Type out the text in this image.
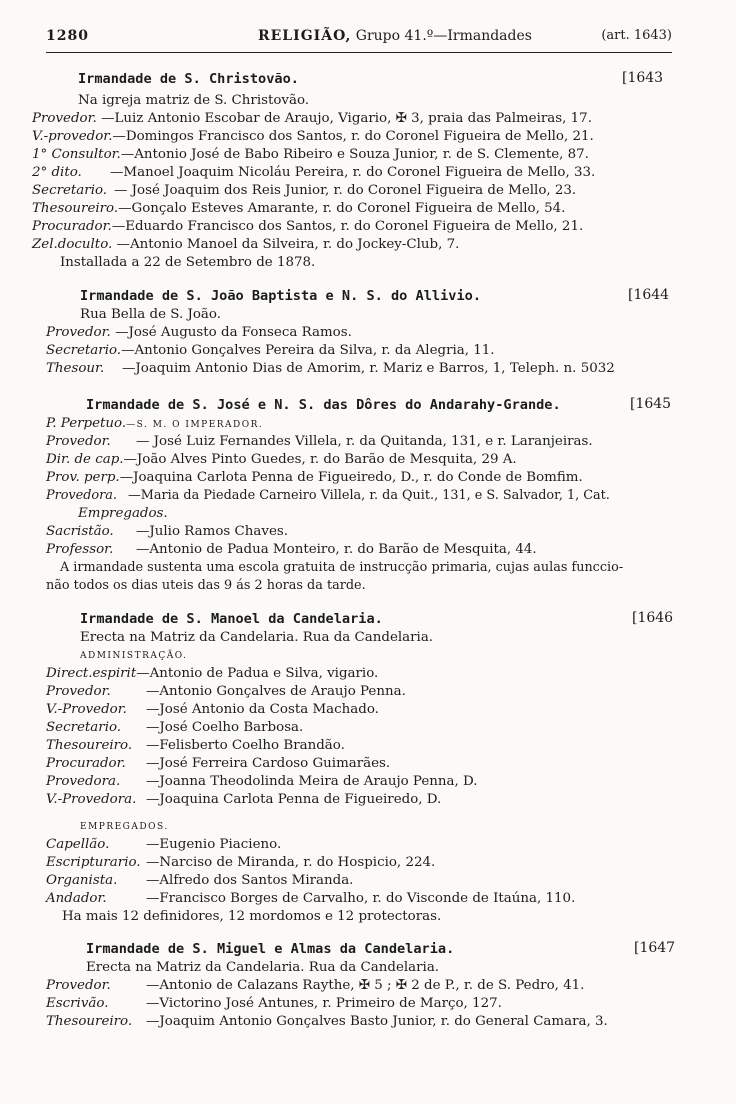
1280	RELIGIÃO, Grupo 41.º—Irmandades	(art. 1643)
Irmandade de S. Christovão.	[1643
Na igreja matriz de S. Christovão.
Provedor. —Luiz Antonio Escobar de Araujo, Vigario, ✠ 3, praia das Palmeiras, 17.
V.-provedor.—Domingos Francisco dos Santos, r. do Coronel Figueira de Mello, 21.
1° Consultor.—Antonio José de Babo Ribeiro e Souza Junior, r. de S. Clemente, 87.
2° dito. —Manoel Joaquim Nicoláu Pereira, r. do Coronel Figueira de Mello, 33.
Secretario. — José Joaquim dos Reis Junior, r. do Coronel Figueira de Mello, 23.
Thesoureiro.—Gonçalo Esteves Amarante, r. do Coronel Figueira de Mello, 54.
Procurador.—Eduardo Francisco dos Santos, r. do Coronel Figueira de Mello, 21.
Zel.doculto. —Antonio Manoel da Silveira, r. do Jockey-Club, 7.
Installada a 22 de Setembro de 1878.
Irmandade de S. João Baptista e N. S. do Allivio.	[1644
Rua Bella de S. João.
Provedor. —José Augusto da Fonseca Ramos.
Secretario.—Antonio Gonçalves Pereira da Silva, r. da Alegria, 11.
Thesour. —Joaquim Antonio Dias de Amorim, r. Mariz e Barros, 1, Teleph. n. 5032
Irmandade de S. José e N. S. das Dôres do Andarahy-Grande.	[1645
P. Perpetuo.—S. M. O IMPERADOR.
Provedor. — José Luiz Fernandes Villela, r. da Quitanda, 131, e r. Laranjeiras.
Dir. de cap.—João Alves Pinto Guedes, r. do Barão de Mesquita, 29 A.
Prov. perp.—Joaquina Carlota Penna de Figueiredo, D., r. do Conde de Bomfim.
Provedora. —Maria da Piedade Carneiro Villela, r. da Quit., 131, e S. Salvador, 1, Cat.
Empregados.
Sacristão. —Julio Ramos Chaves.
Professor. —Antonio de Padua Monteiro, r. do Barão de Mesquita, 44.
A irmandade sustenta uma escola gratuita de instrucção primaria, cujas aulas funccio-
não todos os dias uteis das 9 ás 2 horas da tarde.
Irmandade de S. Manoel da Candelaria.	[1646
Erecta na Matriz da Candelaria. Rua da Candelaria.
ADMINISTRAÇÃO.
Direct.espirit—Antonio de Padua e Silva, vigario.
Provedor.	—Antonio Gonçalves de Araujo Penna.
V.-Provedor. —José Antonio da Costa Machado.
Secretario. —José Coelho Barbosa.
Thesoureiro. —Felisberto Coelho Brandão.
Procurador. —José Ferreira Cardoso Guimarães.
Provedora. —Joanna Theodolinda Meira de Araujo Penna, D.
V.-Provedora. —Joaquina Carlota Penna de Figueiredo, D.
EMPREGADOS.
Capellão.	—Eugenio Piacieno.
Escripturario. —Narciso de Miranda, r. do Hospicio, 224.
Organista. —Alfredo dos Santos Miranda.
Andador.	—Francisco Borges de Carvalho, r. do Visconde de Itaúna, 110.
Ha mais 12 definidores, 12 mordomos e 12 protectoras.
Irmandade de S. Miguel e Almas da Candelaria.	[1647
Erecta na Matriz da Candelaria. Rua da Candelaria.
Provedor.	—Antonio de Calazans Raythe, ✠ 5 ; ✠ 2 de P., r. de S. Pedro, 41.
Escrivão.	—Victorino José Antunes, r. Primeiro de Março, 127.
Thesoureiro. —Joaquim Antonio Gonçalves Basto Junior, r. do General Camara, 3.
